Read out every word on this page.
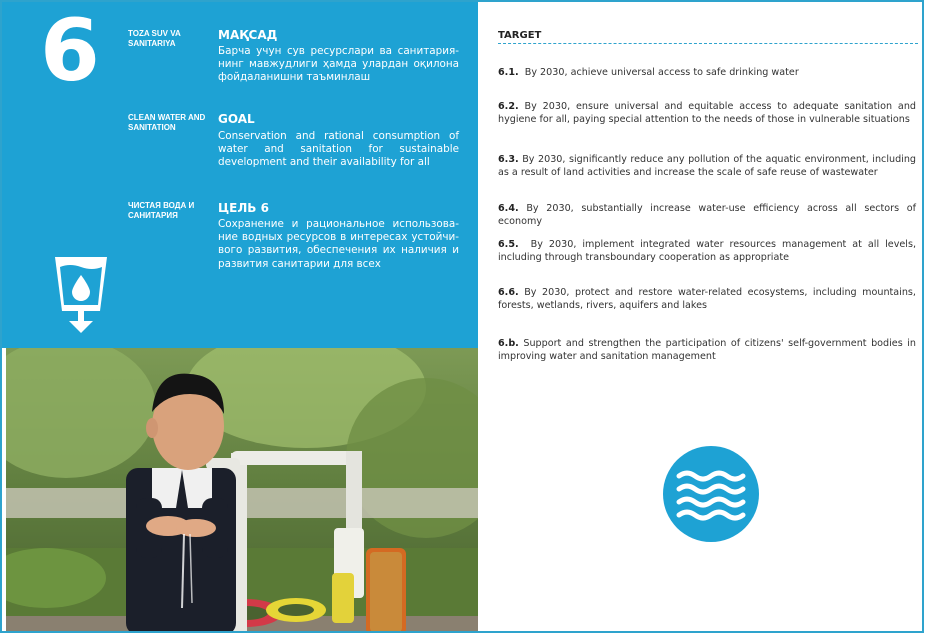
6	TOZA SUV VA SANITARIYA
МАҚСАД
Барча учун сув ресурслари ва санитария-нинг мавжудлиги ҳамда улардан оқилона фойдаланишни таъминлаш
CLEAN WATER AND SANITATION
GOAL
Conservation and rational consumption of water and sanitation for sustainable development and their availability for all
ЧИСТАЯ ВОДА И САНИТАРИЯ
ЦЕЛЬ 6
Сохранение и рациональное использова-ние водных ресурсов в интересах устойчи-вого развития, обеспечения их наличия и развития санитарии для всех
TARGET
6.1. By 2030, achieve universal access to safe drinking water
6.2. By 2030, ensure universal and equitable access to adequate sanitation and hygiene for all, paying special attention to the needs of those in vulnerable situations
6.3. By 2030, significantly reduce any pollution of the aquatic environment, including as a result of land activities and increase the scale of safe reuse of wastewater
6.4. By 2030, substantially increase water-use efficiency across all sectors of economy
6.5. By 2030, implement integrated water resources management at all levels, including through transboundary cooperation as appropriate
6.6. By 2030, protect and restore water-related ecosystems, including mountains, forests, wetlands, rivers, aquifers and lakes
6.b. Support and strengthen the participation of citizens' self-government bodies in improving water and sanitation management
